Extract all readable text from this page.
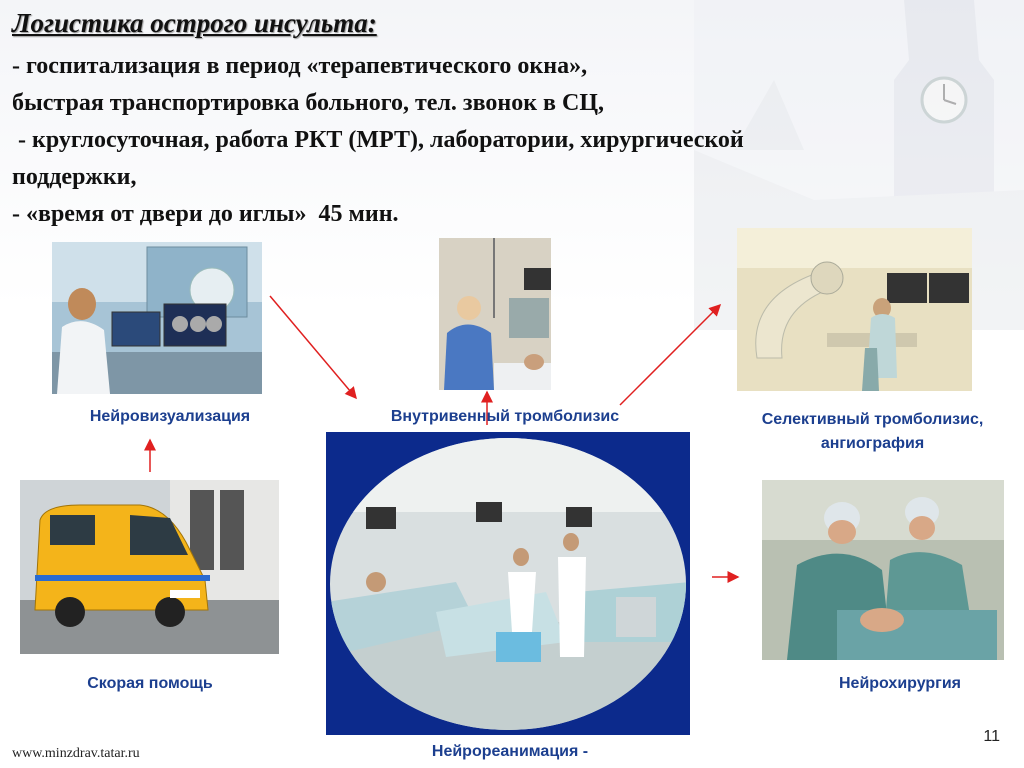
Логистика острого инсульта:
- госпитализация в период «терапевтического окна»,
быстрая транспортировка больного, тел. звонок в СЦ,
- круглосуточная, работа РКТ (МРТ), лаборатории, хирургической
поддержки,
- «время от двери до иглы»  45 мин.
Нейровизуализация	Внутривенный тромболизис	Селективный тромболизис,
ангиография
Скорая помощь	Нейрохирургия
Нейрореанимация -
www.minzdrav.tatar.ru
11
